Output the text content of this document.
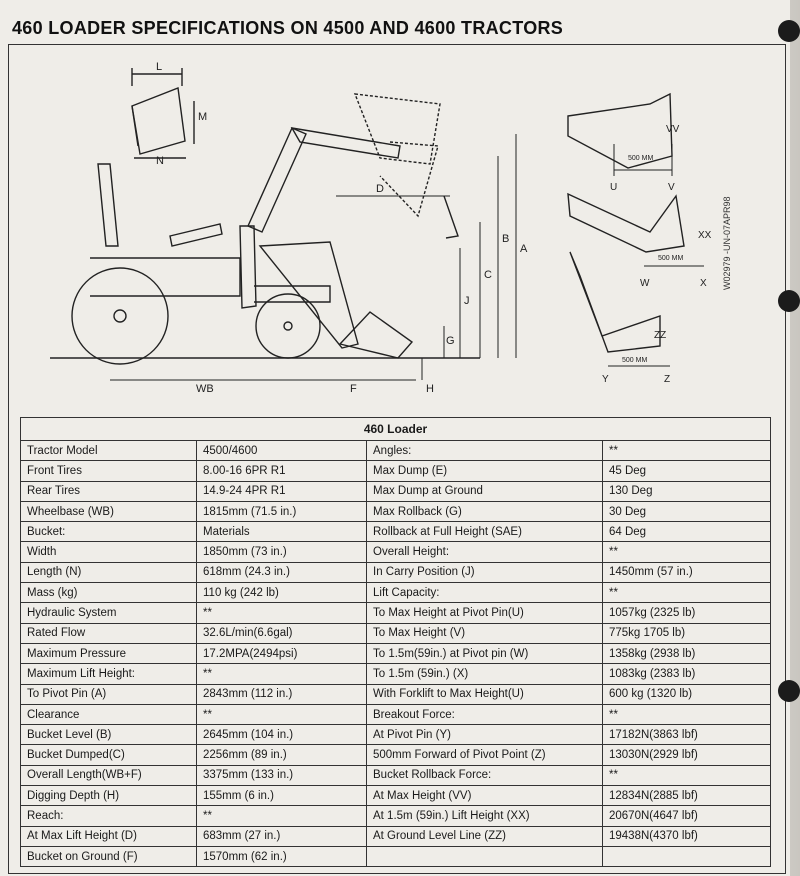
460 LOADER SPECIFICATIONS ON 4500 AND 4600 TRACTORS
L
M
N
D
A
B
C
J
G
WB	F	H
VV
500 MM
U	V
XX
500 MM
W	X
ZZ
500 MM
Y	Z
W02979 -UN-07APR98
460 Loader			
Tractor Model	4500/4600	Angles:	**
Front Tires	8.00-16 6PR R1	Max Dump (E)	45 Deg
Rear Tires	14.9-24 4PR R1	Max Dump at Ground	130 Deg
Wheelbase (WB)	1815mm (71.5 in.)	Max Rollback (G)	30 Deg
Bucket:	Materials	Rollback at Full Height (SAE)	64 Deg
Width	1850mm (73 in.)	Overall Height:	**
Length (N)	618mm (24.3 in.)	In Carry Position (J)	1450mm (57 in.)
Mass (kg)	110 kg (242 lb)	Lift Capacity:	**
Hydraulic System	**	To Max Height at Pivot Pin(U)	1057kg (2325 lb)
Rated Flow	32.6L/min(6.6gal)	To Max Height (V)	775kg 1705 lb)
Maximum Pressure	17.2MPA(2494psi)	To 1.5m(59in.) at Pivot pin (W)	1358kg (2938 lb)
Maximum Lift Height:	**	To 1.5m (59in.) (X)	1083kg (2383 lb)
To Pivot Pin (A)	2843mm (112 in.)	With Forklift to Max Height(U)	600 kg (1320 lb)
Clearance	**	Breakout Force:	**
Bucket Level (B)	2645mm (104 in.)	At Pivot Pin (Y)	17182N(3863 lbf)
Bucket Dumped(C)	2256mm (89 in.)	500mm Forward of Pivot Point (Z)	13030N(2929 lbf)
Overall Length(WB+F)	3375mm (133 in.)	Bucket Rollback Force:	**
Digging Depth (H)	155mm (6 in.)	At Max Height (VV)	12834N(2885 lbf)
Reach:	**	At 1.5m (59in.) Lift Height (XX)	20670N(4647 lbf)
At Max Lift Height (D)	683mm (27 in.)	At Ground Level Line (ZZ)	19438N(4370 lbf)
Bucket on Ground (F)	1570mm (62 in.)		
